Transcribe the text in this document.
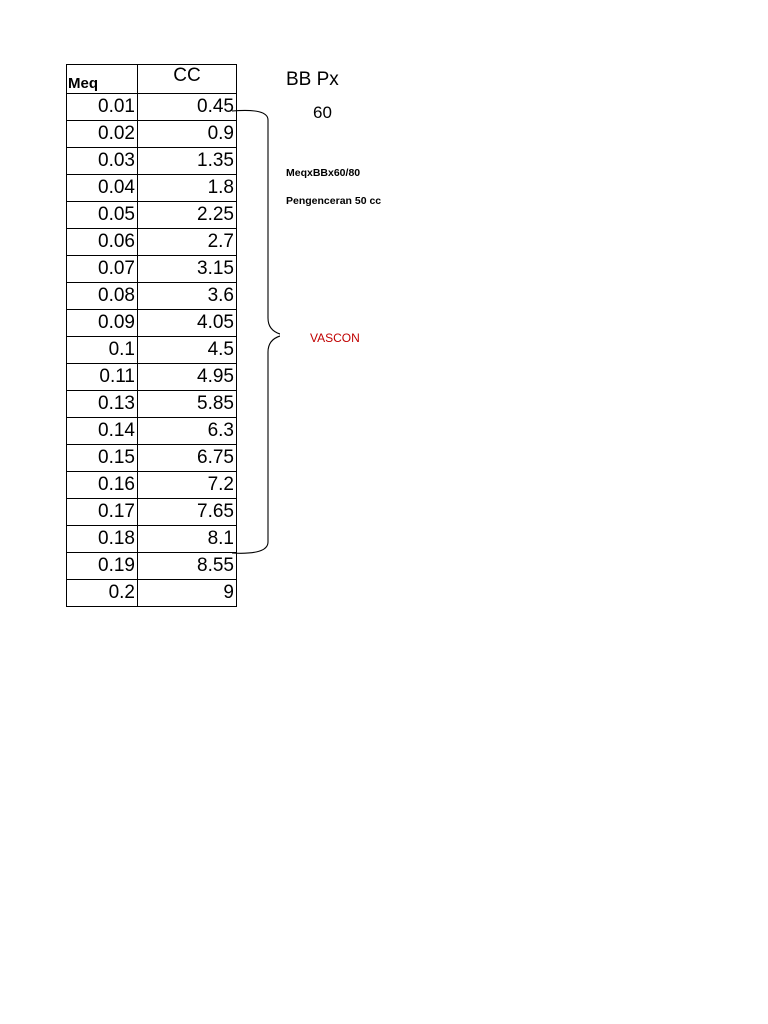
Meq	CC
0.01	0.45
0.02	0.9
0.03	1.35
0.04	1.8
0.05	2.25
0.06	2.7
0.07	3.15
0.08	3.6
0.09	4.05
0.1	4.5
0.11	4.95
0.13	5.85
0.14	6.3
0.15	6.75
0.16	7.2
0.17	7.65
0.18	8.1
0.19	8.55
0.2	9
BB Px
60
MeqxBBx60/80
Pengenceran 50 cc
VASCON
